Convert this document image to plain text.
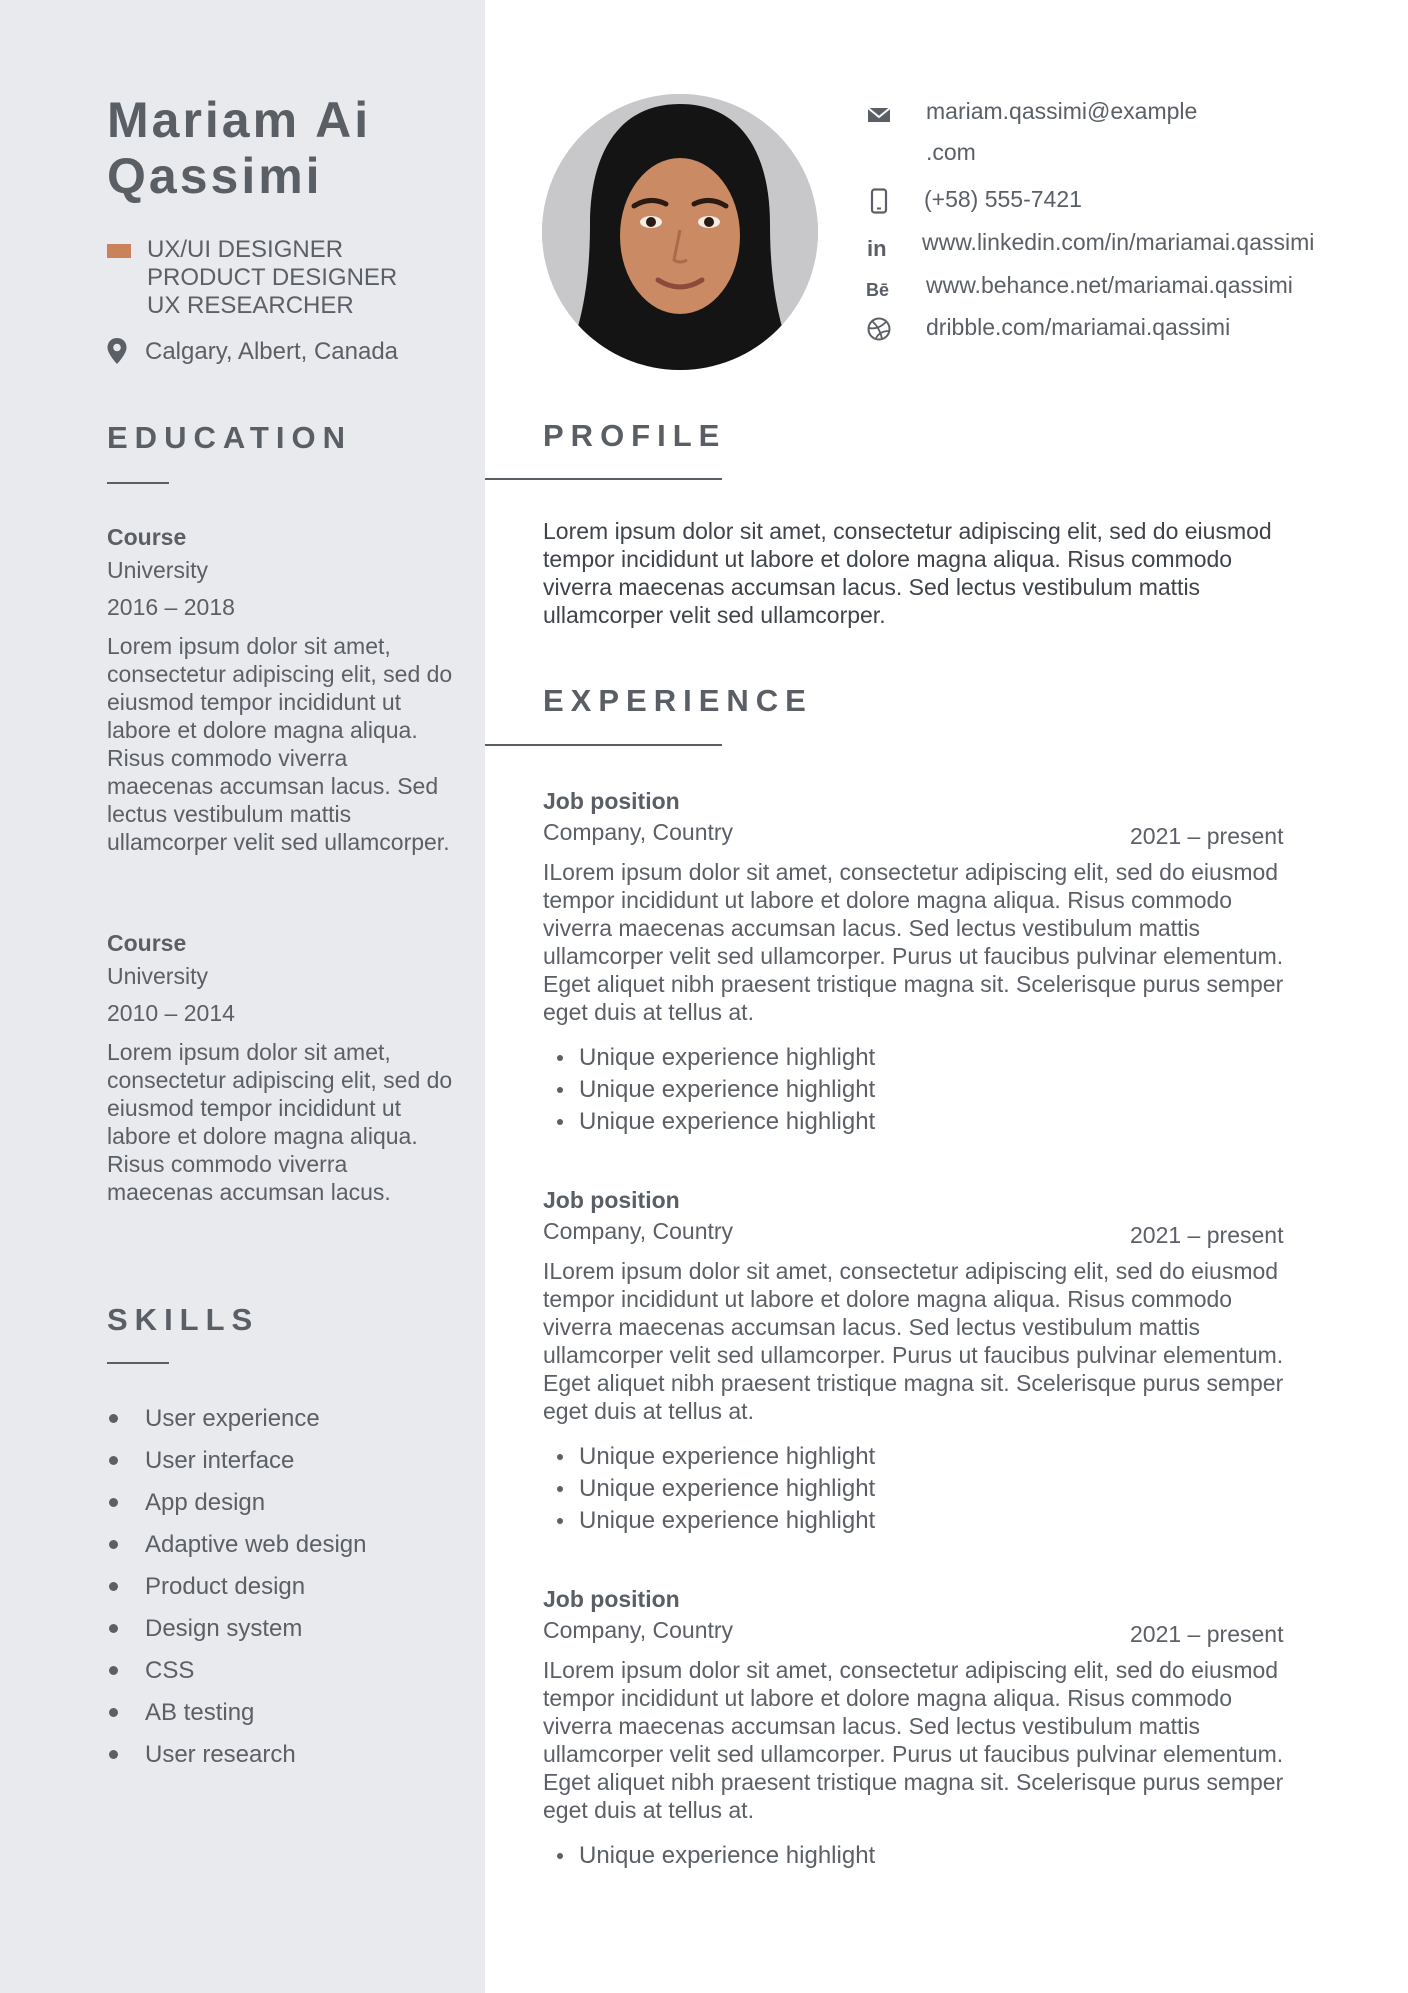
Mariam Ai
Qassimi
UX/UI DESIGNER
PRODUCT DESIGNER
UX RESEARCHER
Calgary, Albert, Canada
EDUCATION
Course
University
2016 – 2018
Lorem ipsum dolor sit amet, consectetur adipiscing elit, sed do eiusmod tempor incididunt ut labore et dolore magna aliqua. Risus commodo viverra maecenas accumsan lacus. Sed lectus vestibulum mattis ullamcorper velit sed ullamcorper.
Course
University
2010 – 2014
Lorem ipsum dolor sit amet, consectetur adipiscing elit, sed do eiusmod tempor incididunt ut labore et dolore magna aliqua. Risus commodo viverra maecenas accumsan lacus.
SKILLS
User experience
User interface
App design
Adaptive web design
Product design
Design system
CSS
AB testing
User research
mariam.qassimi@example
.com
(+58) 555-7421
in www.linkedin.com/in/mariamai.qassimi
Bē www.behance.net/mariamai.qassimi
dribble.com/mariamai.qassimi
PROFILE
Lorem ipsum dolor sit amet, consectetur adipiscing elit, sed do eiusmod tempor incididunt ut labore et dolore magna aliqua. Risus commodo viverra maecenas accumsan lacus. Sed lectus vestibulum mattis ullamcorper velit sed ullamcorper.
EXPERIENCE
Job position
Company, Country	2021 – present
ILorem ipsum dolor sit amet, consectetur adipiscing elit, sed do eiusmod tempor incididunt ut labore et dolore magna aliqua. Risus commodo viverra maecenas accumsan lacus. Sed lectus vestibulum mattis ullamcorper velit sed ullamcorper. Purus ut faucibus pulvinar elementum. Eget aliquet nibh praesent tristique magna sit. Scelerisque purus semper eget duis at tellus at.
Unique experience highlight
Unique experience highlight
Unique experience highlight
Job position
Company, Country	2021 – present
ILorem ipsum dolor sit amet, consectetur adipiscing elit, sed do eiusmod tempor incididunt ut labore et dolore magna aliqua. Risus commodo viverra maecenas accumsan lacus. Sed lectus vestibulum mattis ullamcorper velit sed ullamcorper. Purus ut faucibus pulvinar elementum. Eget aliquet nibh praesent tristique magna sit. Scelerisque purus semper eget duis at tellus at.
Unique experience highlight
Unique experience highlight
Unique experience highlight
Job position
Company, Country	2021 – present
ILorem ipsum dolor sit amet, consectetur adipiscing elit, sed do eiusmod tempor incididunt ut labore et dolore magna aliqua. Risus commodo viverra maecenas accumsan lacus. Sed lectus vestibulum mattis ullamcorper velit sed ullamcorper. Purus ut faucibus pulvinar elementum. Eget aliquet nibh praesent tristique magna sit. Scelerisque purus semper eget duis at tellus at.
Unique experience highlight
